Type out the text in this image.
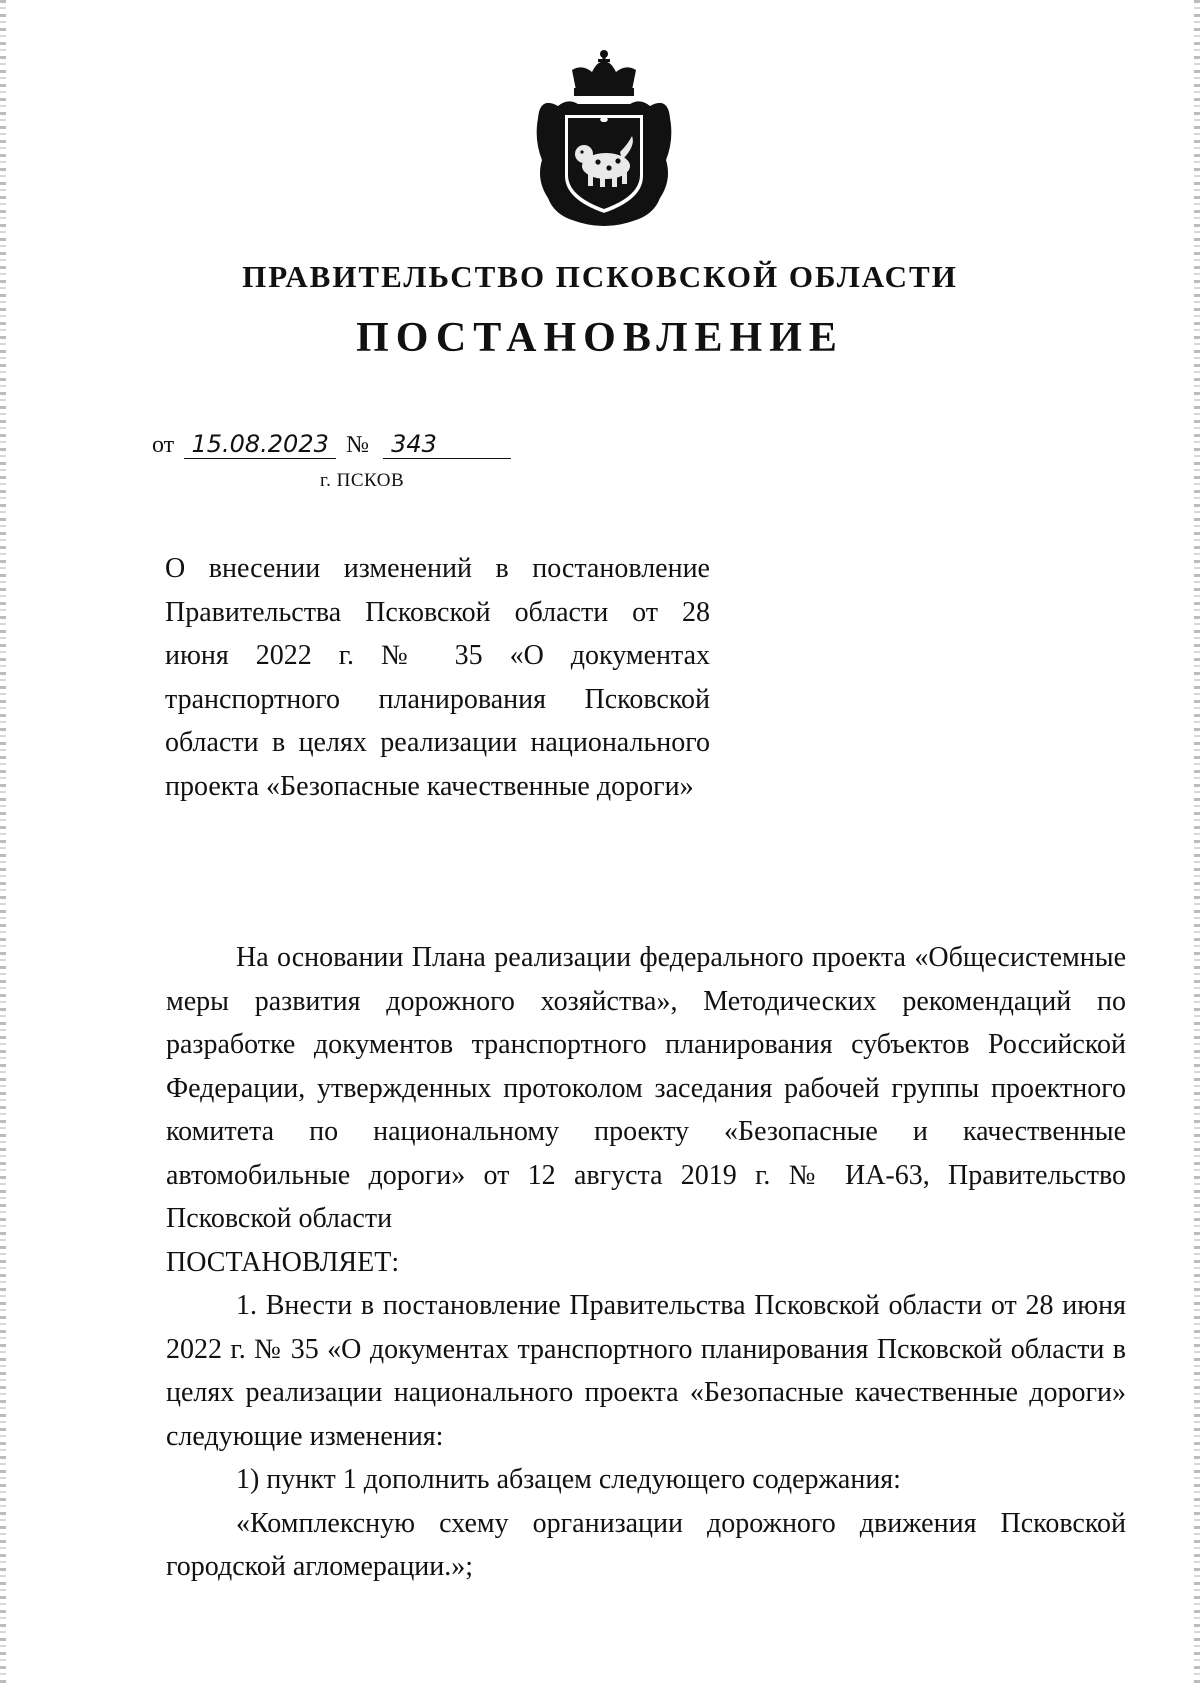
ПРАВИТЕЛЬСТВО ПСКОВСКОЙ ОБЛАСТИ
ПОСТАНОВЛЕНИЕ
от 15.08.2023 № 343
г. ПСКОВ
О внесении изменений в постановление Правительства Псковской области от 28 июня 2022 г. № 35 «О документах транспортного планирования Псковской области в целях реализации национального проекта «Безопасные качественные дороги»

На основании Плана реализации федерального проекта «Общесистемные меры развития дорожного хозяйства», Методических рекомендаций по разработке документов транспортного планирования субъектов Российской Федерации, утвержденных протоколом заседания рабочей группы проектного комитета по национальному проекту «Безопасные и качественные автомобильные дороги» от 12 августа 2019 г. № ИА-63, Правительство Псковской области

ПОСТАНОВЛЯЕТ:

1. Внести в постановление Правительства Псковской области от 28 июня 2022 г. № 35 «О документах транспортного планирования Псковской области в целях реализации национального проекта «Безопасные качественные дороги» следующие изменения:

1) пункт 1 дополнить абзацем следующего содержания:

«Комплексную схему организации дорожного движения Псковской городской агломерации.»;
